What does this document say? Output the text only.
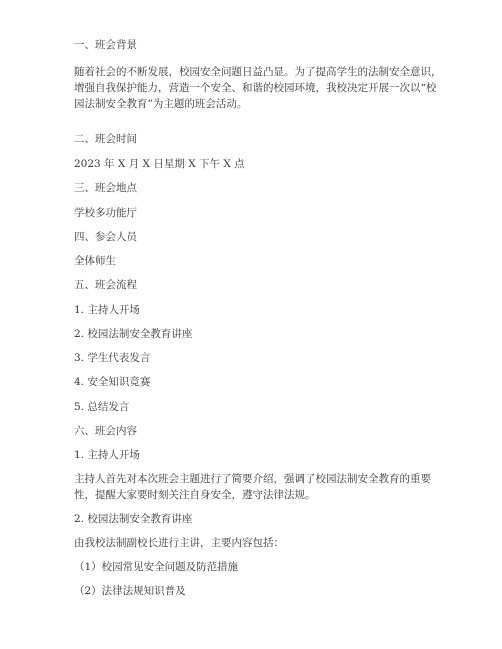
一、班会背景

随着社会的不断发展，校园安全问题日益凸显。为了提高学生的法制安全意识，增强自我保护能力，营造一个安全、和谐的校园环境，我校决定开展一次以“校园法制安全教育”为主题的班会活动。

二、班会时间

2023 年 X 月 X 日星期 X 下午 X 点

三、班会地点

学校多功能厅

四、参会人员

全体师生

五、班会流程

1. 主持人开场

2. 校园法制安全教育讲座

3. 学生代表发言

4. 安全知识竞赛

5. 总结发言

六、班会内容

1. 主持人开场

主持人首先对本次班会主题进行了简要介绍，强调了校园法制安全教育的重要性，提醒大家要时刻关注自身安全，遵守法律法规。

2. 校园法制安全教育讲座

由我校法制副校长进行主讲，主要内容包括：

（1）校园常见安全问题及防范措施

（2）法律法规知识普及
